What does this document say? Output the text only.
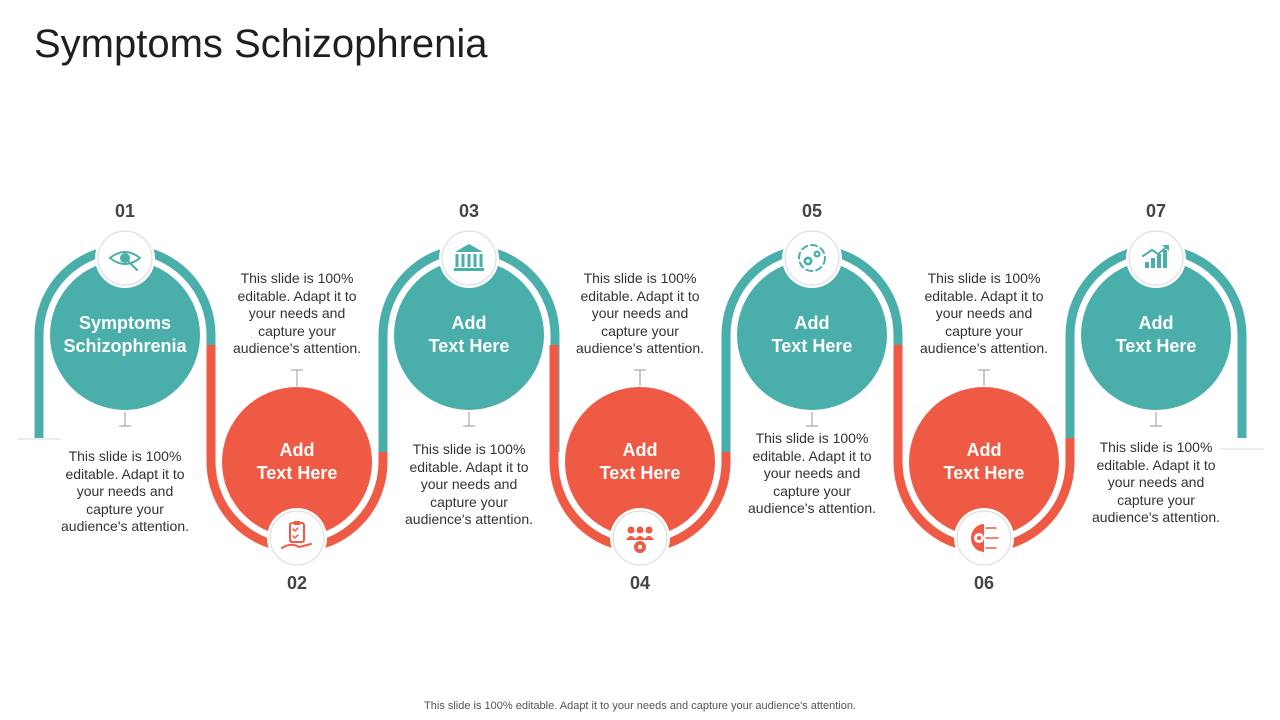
Symptoms Schizophrenia
01
Symptoms
Schizophrenia
This slide is 100%
editable. Adapt it to
your needs and
capture your
audience's attention.
02
Add
Text Here
This slide is 100%
editable. Adapt it to
your needs and
capture your
audience's attention.
03
Add
Text Here
This slide is 100%
editable. Adapt it to
your needs and
capture your
audience's attention.
04
Add
Text Here
This slide is 100%
editable. Adapt it to
your needs and
capture your
audience's attention.
05
Add
Text Here
This slide is 100%
editable. Adapt it to
your needs and
capture your
audience's attention.
06
Add
Text Here
This slide is 100%
editable. Adapt it to
your needs and
capture your
audience's attention.
07
Add
Text Here
This slide is 100%
editable. Adapt it to
your needs and
capture your
audience's attention.
This slide is 100% editable. Adapt it to your needs and capture your audience's attention.
